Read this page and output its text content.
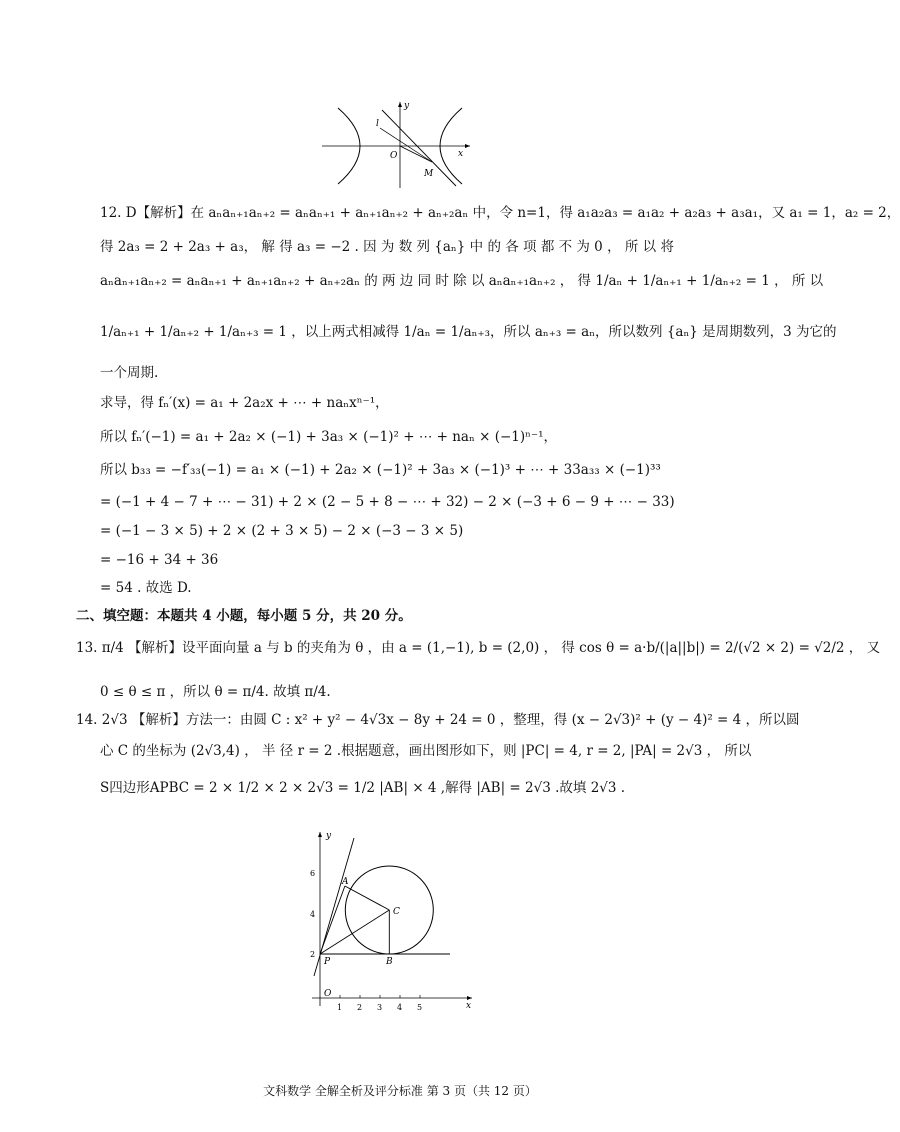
y
x
l
O
M
12. D【解析】在 aₙaₙ₊₁aₙ₊₂ = aₙaₙ₊₁ + aₙ₊₁aₙ₊₂ + aₙ₊₂aₙ 中，令 n=1，得 a₁a₂a₃ = a₁a₂ + a₂a₃ + a₃a₁，又 a₁ = 1，a₂ = 2，
得 2a₃ = 2 + 2a₃ + a₃， 解 得 a₃ = −2 . 因 为 数 列 {aₙ} 中 的 各 项 都 不 为 0 ， 所 以 将
aₙaₙ₊₁aₙ₊₂ = aₙaₙ₊₁ + aₙ₊₁aₙ₊₂ + aₙ₊₂aₙ 的 两 边 同 时 除 以 aₙaₙ₊₁aₙ₊₂ ， 得 1/aₙ + 1/aₙ₊₁ + 1/aₙ₊₂ = 1 ， 所 以
1/aₙ₊₁ + 1/aₙ₊₂ + 1/aₙ₊₃ = 1 ，以上两式相减得 1/aₙ = 1/aₙ₊₃，所以 aₙ₊₃ = aₙ，所以数列 {aₙ} 是周期数列，3 为它的
一个周期.
求导，得 fₙ′(x) = a₁ + 2a₂x + ⋯ + naₙxⁿ⁻¹，
所以 fₙ′(−1) = a₁ + 2a₂ × (−1) + 3a₃ × (−1)² + ⋯ + naₙ × (−1)ⁿ⁻¹，
所以 b₃₃ = −f′₃₃(−1) = a₁ × (−1) + 2a₂ × (−1)² + 3a₃ × (−1)³ + ⋯ + 33a₃₃ × (−1)³³
= (−1 + 4 − 7 + ⋯ − 31) + 2 × (2 − 5 + 8 − ⋯ + 32) − 2 × (−3 + 6 − 9 + ⋯ − 33)
= (−1 − 3 × 5) + 2 × (2 + 3 × 5) − 2 × (−3 − 3 × 5)
= −16 + 34 + 36
= 54 . 故选 D.
二、填空题：本题共 4 小题，每小题 5 分，共 20 分。
13. π/4 【解析】设平面向量 a 与 b 的夹角为 θ ，由 a = (1,−1), b = (2,0) ， 得 cos θ = a·b/(|a||b|) = 2/(√2 × 2) = √2/2 ， 又
0 ≤ θ ≤ π ，所以 θ = π/4. 故填 π/4.
14. 2√3 【解析】方法一：由圆 C : x² + y² − 4√3x − 8y + 24 = 0 ，整理，得 (x − 2√3)² + (y − 4)² = 4 ，所以圆
心 C 的坐标为 (2√3,4) ， 半 径 r = 2 .根据题意，画出图形如下，则 |PC| = 4, r = 2, |PA| = 2√3 ， 所以
S四边形APBC = 2 × 1/2 × 2 × 2√3 = 1/2 |AB| × 4 ,解得 |AB| = 2√3 .故填 2√3 .
y
x
O
P
A
B
C
6
4
2
1 2 3 4 5
文科数学 全解全析及评分标准 第 3 页（共 12 页）
